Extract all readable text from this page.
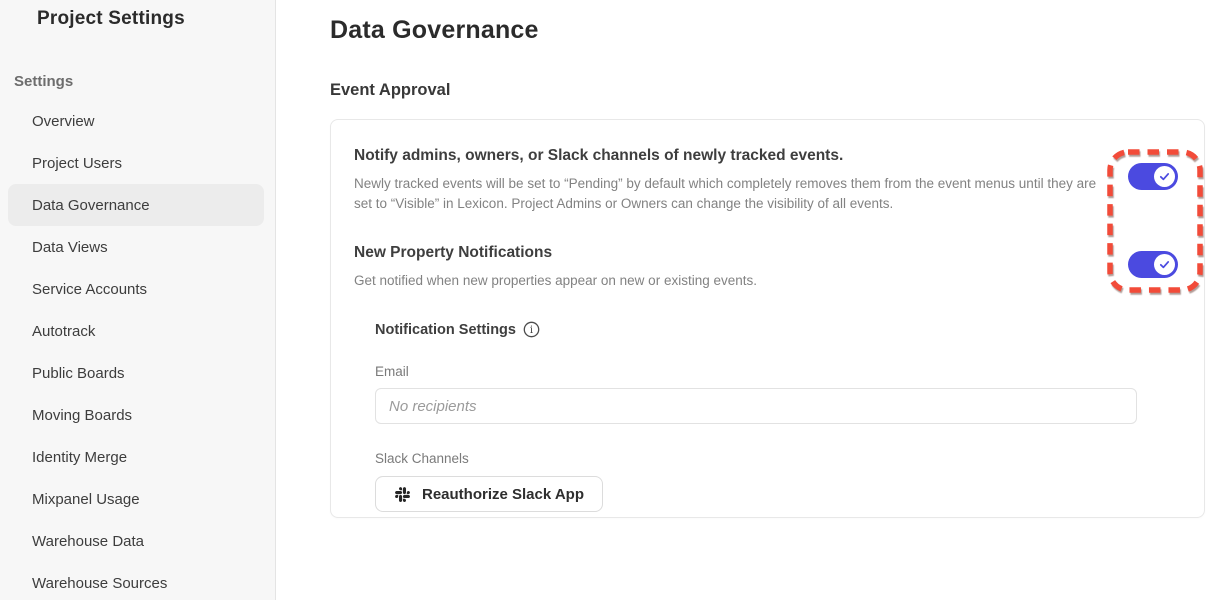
Project Settings
Settings
Overview
Project Users
Data Governance
Data Views
Service Accounts
Autotrack
Public Boards
Moving Boards
Identity Merge
Mixpanel Usage
Warehouse Data
Warehouse Sources
Data Governance
Event Approval
Notify admins, owners, or Slack channels of newly tracked events.

Newly tracked events will be set to “Pending” by default which completely removes them from the event menus until they are set to “Visible” in Lexicon. Project Admins or Owners can change the visibility of all events.

New Property Notifications

Get notified when new properties appear on new or existing events.

Notification Settings i
Email
No recipients
Slack Channels
Reauthorize Slack App
